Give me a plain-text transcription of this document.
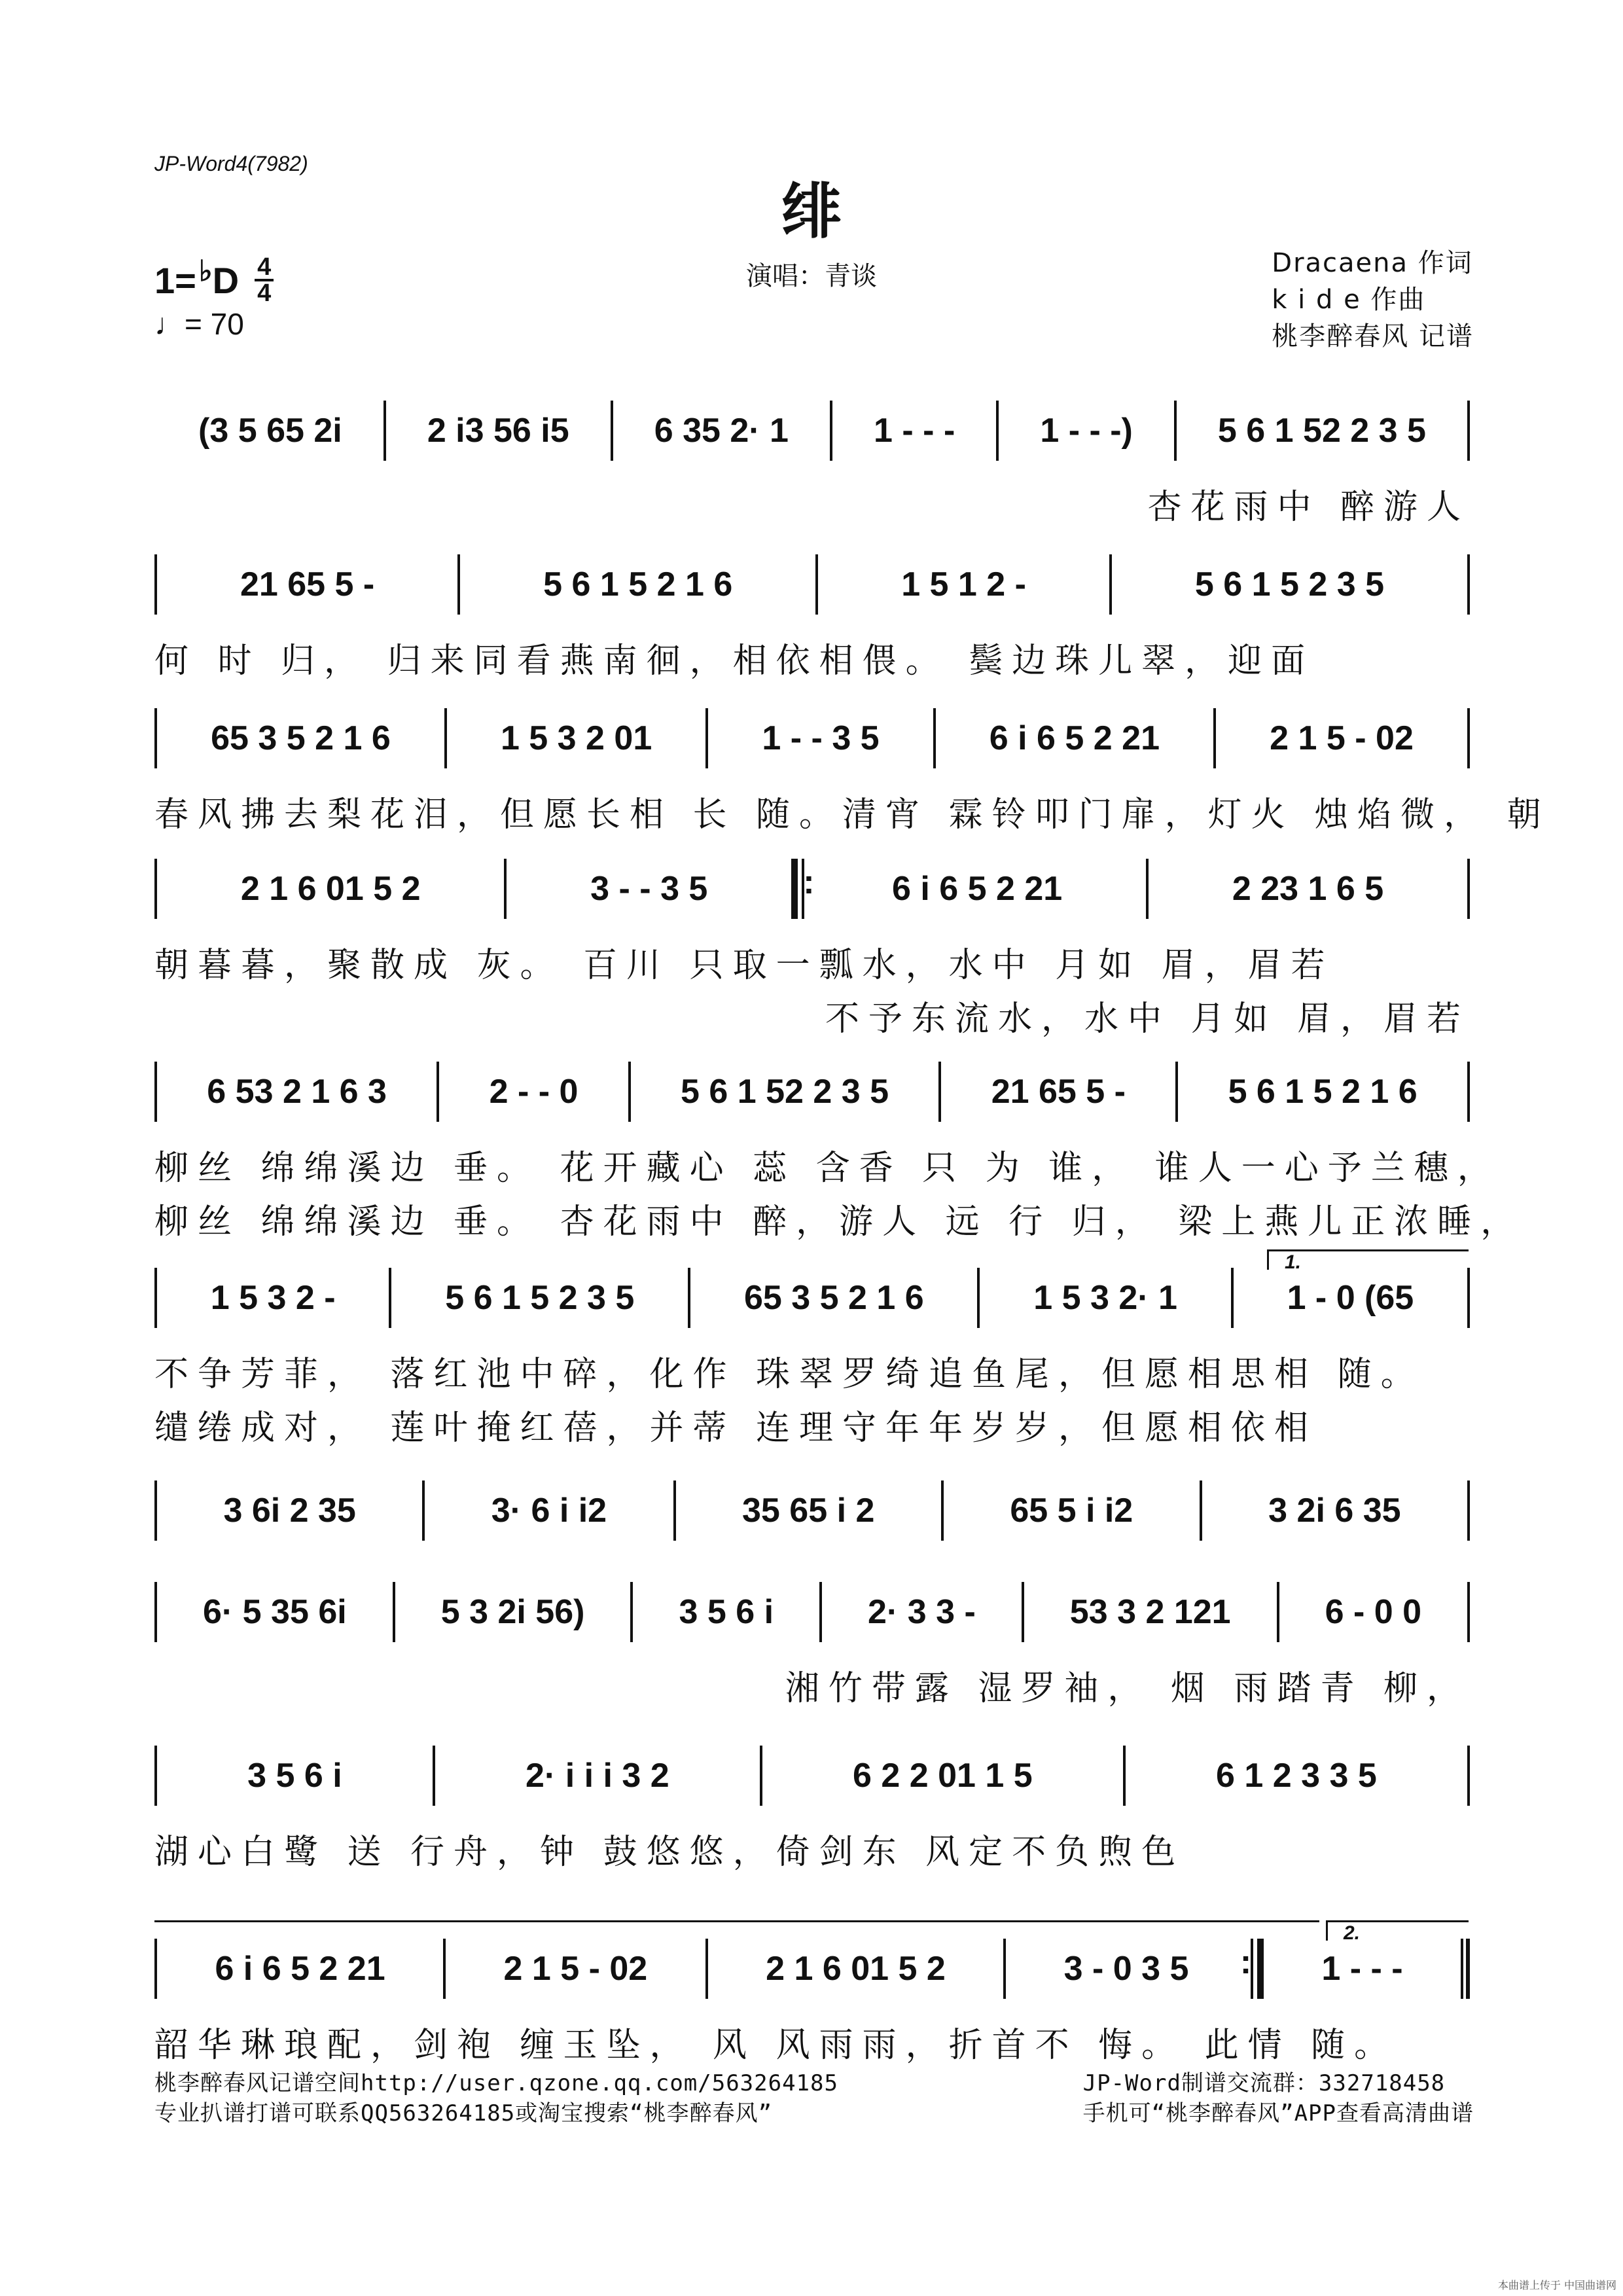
JP-Word4(7982)
绯
1= ♭ D $\frac{4}{4}$
♩= 70
演唱：青谈	Dracaena 作词
k i d e 作曲
桃李醉春风 记谱
(3 5 65 2i	2 i3 56 i5	6 35 2· 1	1 - - -	1 - - -)	5 6 1 52 2 3 5
杏花雨中 醉游人
21 65 5 -	5 6 1 5 2 1 6	1 5 1 2 -	5 6 1 5 2 3 5
何 时 归， 归来同看燕南徊，相依相偎。 鬓边珠儿翠，迎面
65 3 5 2 1 6	1 5 3 2 01	1 - - 3 5	6 i 6 5 2 21	2 1 5 - 02
春风拂去梨花泪，但愿长相 长 随。清宵 霖铃叩门扉，灯火 烛焰微， 朝
2 1 6 01 5 2	3 - - 3 5 :	6 i 6 5 2 21	2 23 1 6 5
朝暮暮，聚散成 灰。 百川 只取一瓢水，水中 月如 眉，眉若
不予东流水，水中 月如 眉，眉若
6 53 2 1 6 3	2 - - 0	5 6 1 52 2 3 5	21 65 5 -	5 6 1 5 2 1 6
柳丝 绵绵溪边 垂。 花开藏心 蕊 含香 只 为 谁， 谁人一心予兰穗，
柳丝 绵绵溪边 垂。 杏花雨中 醉，游人 远 行 归， 梁上燕儿正浓睡，
1 5 3 2 -	5 6 1 5 2 3 5	65 3 5 2 1 6	1 5 3 2· 1	1 - 0 (65
1.
不争芳菲， 落红池中碎，化作 珠翠罗绮追鱼尾，但愿相思相 随。
缱绻成对， 莲叶掩红蓓，并蒂 连理守年年岁岁，但愿相依相
3 6i 2 35	3· 6 i i2	35 65 i 2	65 5 i i2	3 2i 6 35
6· 5 35 6i	5 3 2i 56)	3 5 6 i	2· 3 3 -	53 3 2 121	6 - 0 0
湘竹带露 湿罗袖， 烟 雨踏青 柳，
3 5 6 i	2· i i i 3 2	6 2 2 01 1 5	6 1 2 3 3 5
湖心白鹭 送 行舟，钟 鼓悠悠，倚剑东 风定不负煦色
6 i 6 5 2 21	2 1 5 - 02	2 1 6 01 5 2	3 - 0 3 5 :	1 - - -
2.
韶华琳琅配，剑袍 缠玉坠， 风 风雨雨，折首不 悔。 此情 随。
桃李醉春风记谱空间http://user.qzone.qq.com/563264185
专业扒谱打谱可联系QQ563264185或淘宝搜索“桃李醉春风”
JP-Word制谱交流群：332718458
手机可“桃李醉春风”APP查看高清曲谱
本曲谱上传于 中国曲谱网
